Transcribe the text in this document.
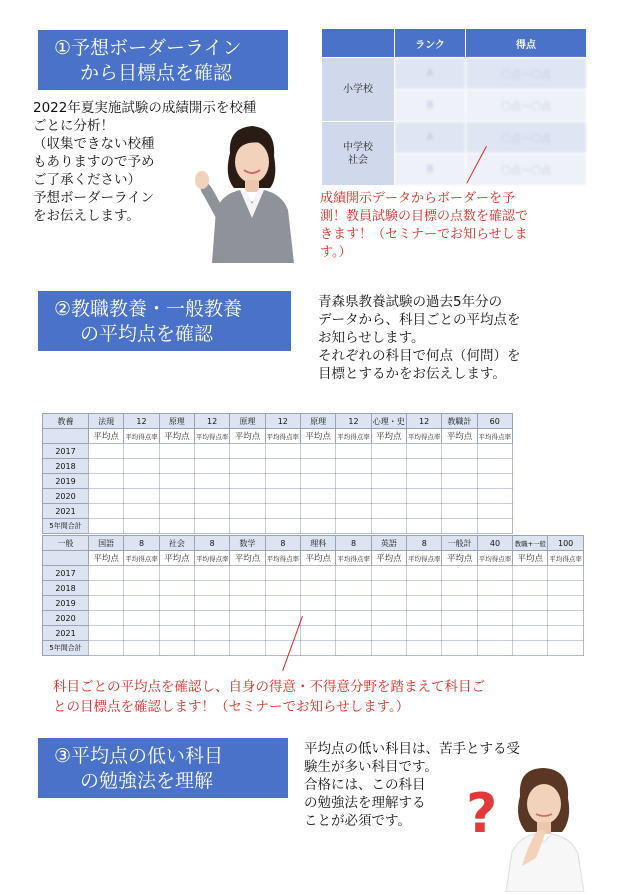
①予想ボーダーライン
から目標点を確認
2022年夏実施試験の成績開示を校種
ごとに分析！
（収集できない校種
もありますので予め
ご了承ください）
予想ボーダーライン
をお伝えします。
	ランク	得点
小学校	A	〇点～〇点
	B	〇点～〇点
中学校
社会	A	〇点～〇点
	B	〇点～〇点
成績開示データからボーダーを予
測！教員試験の目標の点数を確認で
きます！（セミナーでお知らせしま
す。）
②教職教養・一般教養
の平均点を確認
青森県教養試験の過去5年分の
データから、科目ごとの平均点を
お知らせします。
それぞれの科目で何点（何問）を
目標とするかをお伝えします。
教養	法規	12	原理	12	原理	12	原理	12	心理・史	12	教職計	60
	平均点	平均得点率	平均点	平均得点率	平均点	平均得点率	平均点	平均得点率	平均点	平均得点率	平均点	平均得点率
2017												
2018												
2019												
2020												
2021												
5年間合計												
一般	国語	8	社会	8	数学	8	理科	8	英語	8	一般計	40	教職+一般	100
	平均点	平均得点率	平均点	平均得点率	平均点	平均得点率	平均点	平均得点率	平均点	平均得点率	平均点	平均得点率	平均点	平均得点率
2017														
2018														
2019														
2020														
2021														
5年間合計														
科目ごとの平均点を確認し、自身の得意・不得意分野を踏まえて科目ご
との目標点を確認します！（セミナーでお知らせします。）
③平均点の低い科目
の勉強法を理解
平均点の低い科目は、苦手とする受
験生が多い科目です。
合格には、この科目
の勉強法を理解する
ことが必須です。	?
